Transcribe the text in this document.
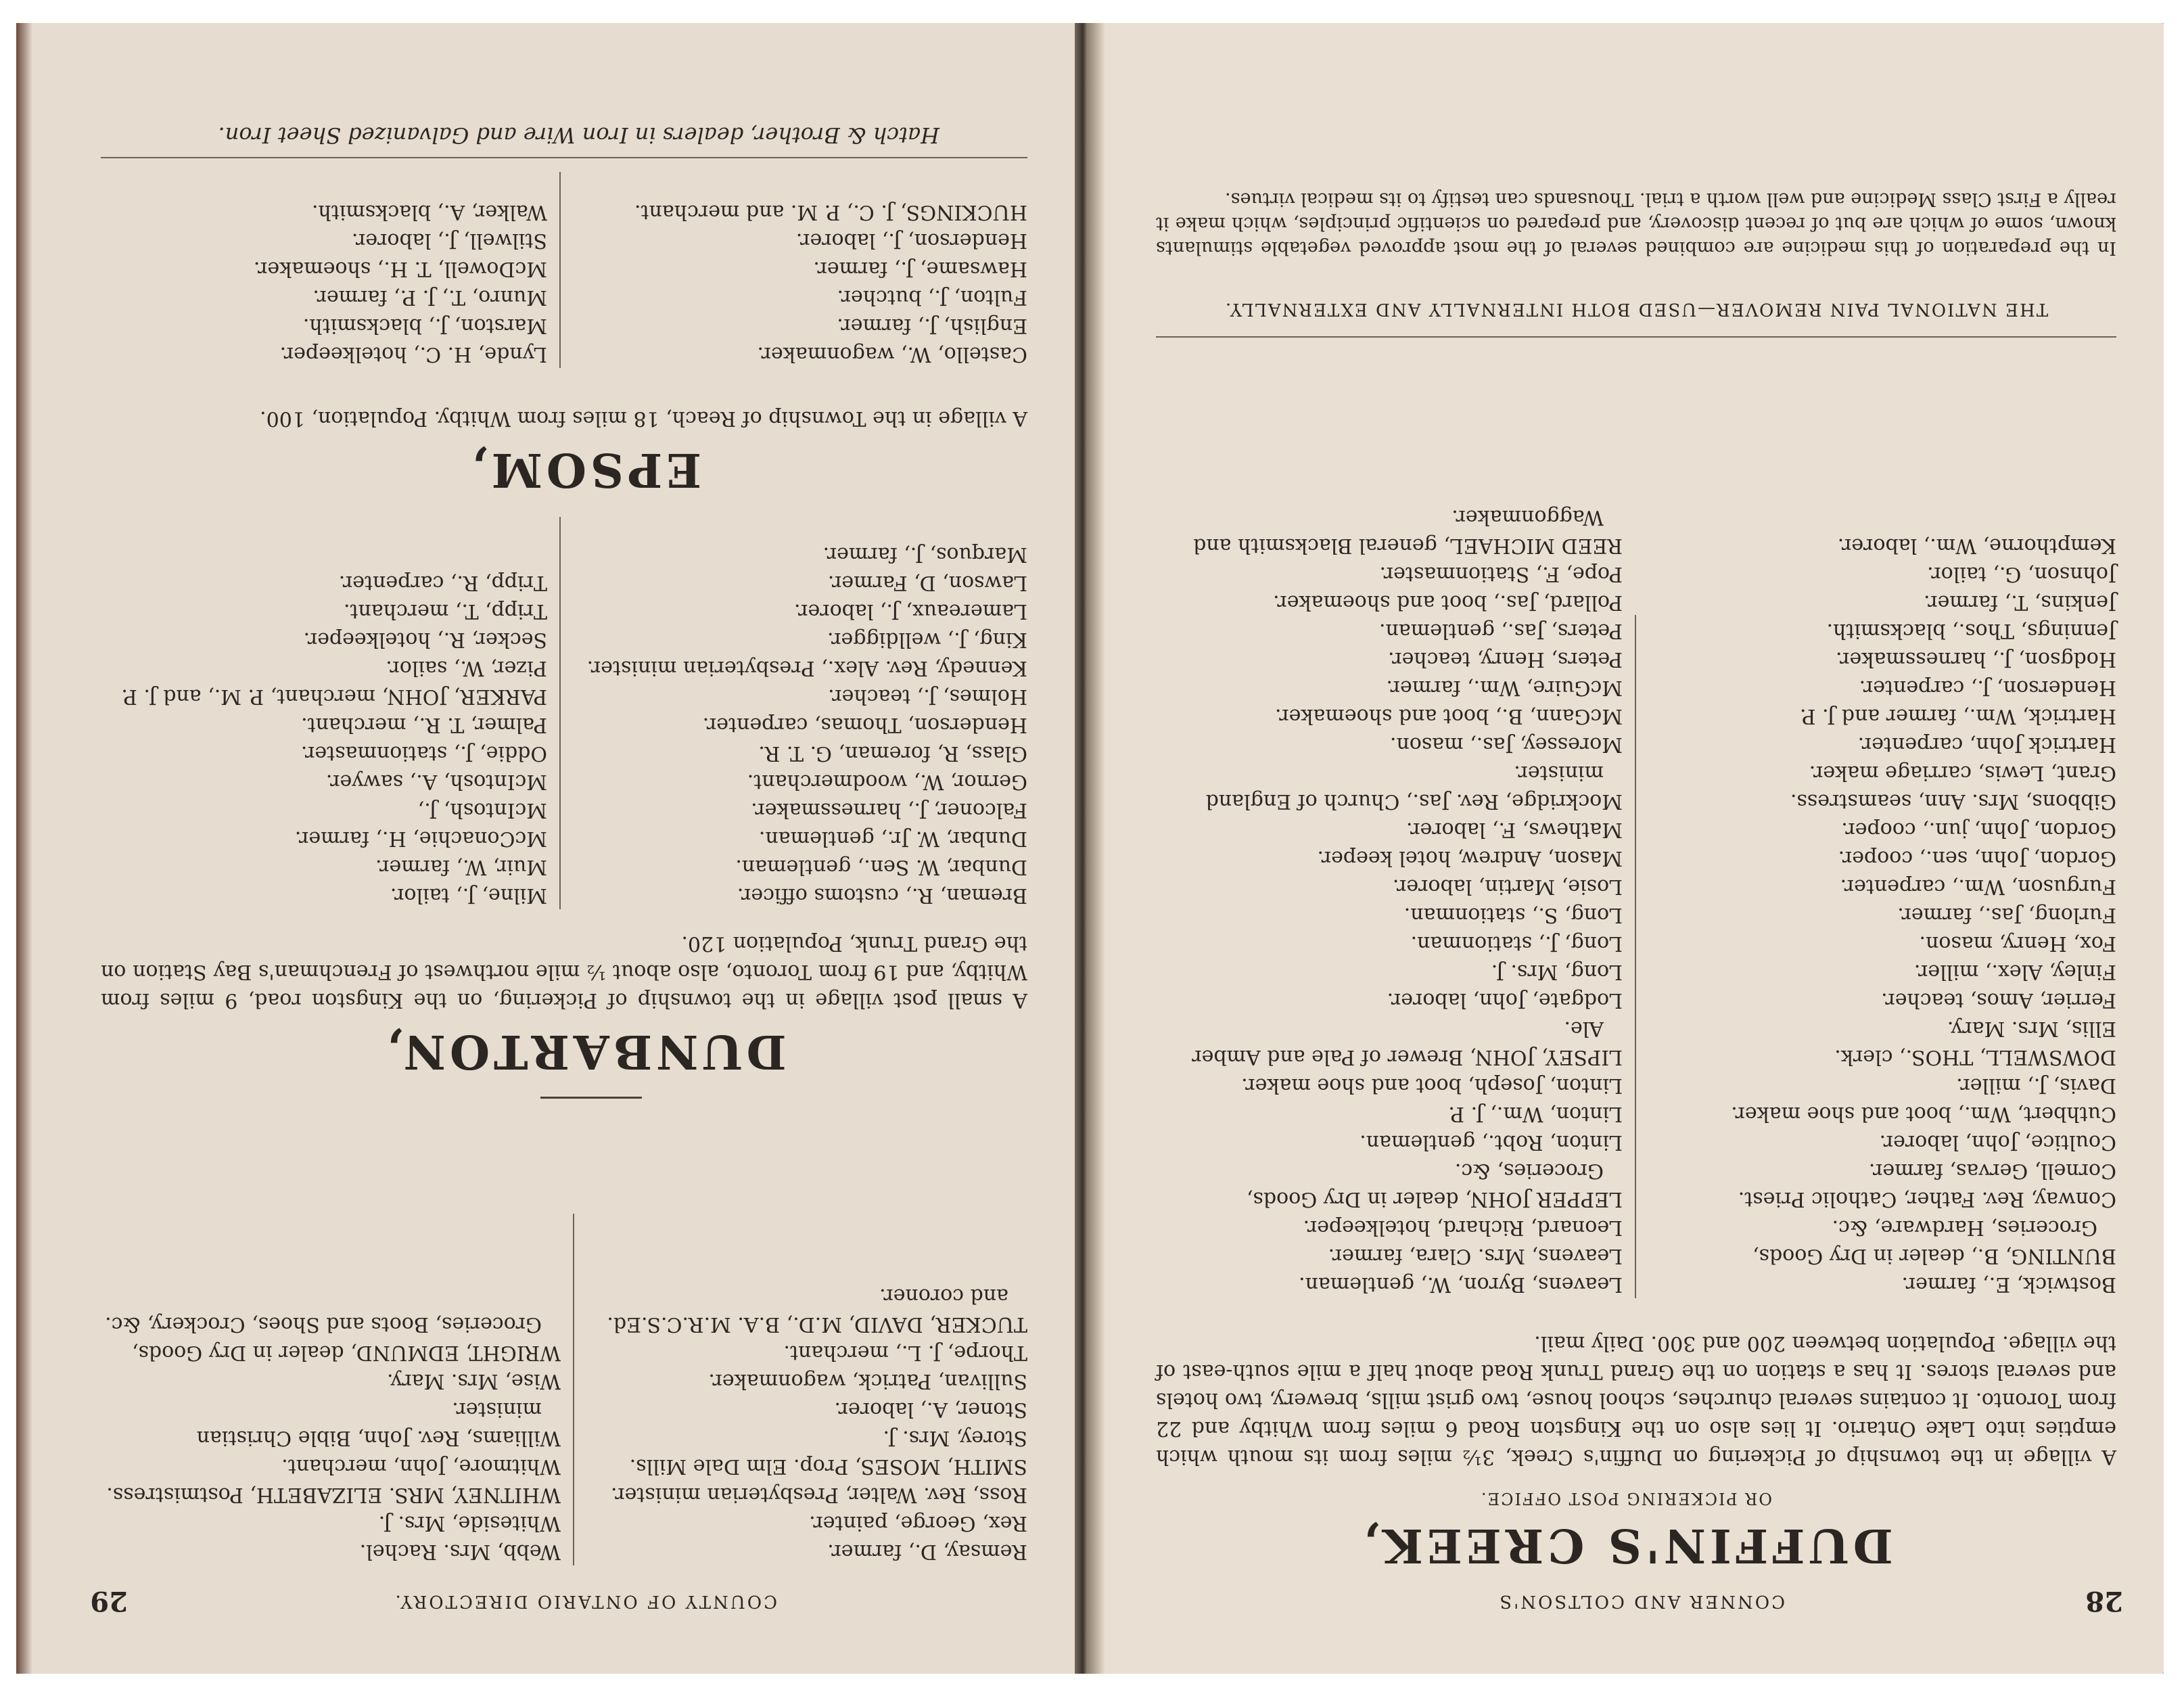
28
CONNER AND COLTSON'S
DUFFIN'S CREEK,
OR PICKERING POST OFFICE.
A village in the township of Pickering on Duffin's Creek, 3½ miles from its mouth which empties into Lake Ontario. It lies also on the Kingston Road 6 miles from Whitby and 22 from Toronto. It contains several churches, school house, two grist mills, brewery, two hotels and several stores. It has a station on the Grand Trunk Road about half a mile south-east of the village. Population between 200 and 300. Daily mail.
Bostwick, E., farmer.
BUNTING, B., dealer in Dry Goods, Groceries, Hardware, &c.
Conway, Rev. Father, Catholic Priest.
Cornell, Gervas, farmer.
Coultice, John, laborer.
Cuthbert, Wm., boot and shoe maker.
Davis, J., miller.
DOWSWELL, THOS., clerk.
Ellis, Mrs. Mary.
Ferrier, Amos, teacher.
Finley, Alex., miller.
Fox, Henry, mason.
Furlong, Jas., farmer.
Furguson, Wm., carpenter.
Gordon, John, sen., cooper.
Gordon, John, jun., cooper.
Gibbons, Mrs. Ann, seamstress.
Grant, Lewis, carriage maker.
Hartrick John, carpenter.
Hartrick, Wm., farmer and J. P.
Henderson, J., carpenter.
Hodgson, J., harnessmaker.
Jennings, Thos., blacksmith.
Jenkins, T., farmer.
Johnson, G., tailor.
Kempthorne, Wm., laborer.
Leavens, Byron, W., gentleman.
Leavens, Mrs. Clara, farmer.
Leonard, Richard, hotelkeeper.
LEPPER JOHN, dealer in Dry Goods, Groceries, &c.
Linton, Robt., gentleman.
Linton, Wm., J. P.
Linton, Joseph, boot and shoe maker.
LIPSEY, JOHN, Brewer of Pale and Amber Ale.
Lodgate, John, laborer.
Long, Mrs. J.
Long, J., stationman.
Long, S., stationman.
Losie, Martin, laborer.
Mason, Andrew, hotel keeper.
Mathews, F., laborer.
Mockridge, Rev. Jas., Church of England minister.
Moressey, Jas., mason.
McGann, B., boot and shoemaker.
McGuire, Wm., farmer.
Peters, Henry, teacher.
Peters, Jas., gentleman.
Pollard, Jas., boot and shoemaker.
Pope, F., Stationmaster.
REED MICHAEL, general Blacksmith and Waggonmaker.
THE NATIONAL PAIN REMOVER—USED BOTH INTERNALLY AND EXTERNALLY.
In the preparation of this medicine are combined several of the most approved vegetable stimulants known, some of which are but of recent discovery, and prepared on scientific principles, which make it really a First Class Medicine and well worth a trial. Thousands can testify to its medical virtues.
COUNTY OF ONTARIO DIRECTORY.
29
Remsay, D., farmer.
Rex, George, painter.
Ross, Rev. Walter, Presbyterian minister.
SMITH, MOSES, Prop. Elm Dale Mills.
Storey, Mrs. J.
Stoner, A., laborer.
Sullivan, Patrick, wagonmaker.
Thorpe, J. L., merchant.
TUCKER, DAVID, M.D., B.A. M.R.C.S.Ed. and coroner.
Webb, Mrs. Rachel.
Whiteside, Mrs. J.
WHITNEY, MRS. ELIZABETH, Postmistress.
Whitmore, John, merchant.
Williams, Rev. John, Bible Christian minister.
Wise, Mrs. Mary.
WRIGHT, EDMUND, dealer in Dry Goods, Groceries, Boots and Shoes, Crockery, &c.
DUNBARTON,
A small post village in the township of Pickering, on the Kingston road, 9 miles from Whitby, and 19 from Toronto, also about ½ mile northwest of Frenchman's Bay Station on the Grand Trunk, Population 120.
Breman, R., customs officer.
Dunbar, W. Sen., gentleman.
Dunbar, W. Jr., gentleman.
Falconer, J., harnessmaker.
Gernor, W., woodmerchant.
Glass, R, foreman, G. T. R.
Henderson, Thomas, carpenter.
Holmes, J., teacher.
Kennedy, Rev. Alex., Presbyterian minister.
King, J., welldigger.
Lamereaux, J., laborer.
Lawson, D, Farmer.
Marquos, J., farmer.
Milne, J., tailor.
Muir, W., farmer.
McConachie, H., farmer.
McIntosh, J.,
McIntosh, A., sawyer.
Oddie, J., stationmaster.
Palmer, T. R., merchant.
PARKER, JOHN, merchant, P. M., and J. P.
Pizer, W., sailor.
Secker, R., hotelkeeper.
Tripp, T., merchant.
Tripp, R., carpenter.
EPSOM,
A village in the Township of Reach, 18 miles from Whitby. Population, 100.
Castello, W., wagonmaker.
English, J., farmer.
Fulton, J., butcher.
Hawsame, J., farmer.
Henderson, J., laborer.
HUCKINGS, J. C., P. M. and merchant.
Lynde, H. C., hotelkeeper.
Marston, J., blacksmith.
Munro, T., J. P., farmer.
McDowell, T. H., shoemaker.
Stilwell, J., laborer.
Walker, A., blacksmith.
Hatch & Brother, dealers in Iron Wire and Galvanized Sheet Iron.
